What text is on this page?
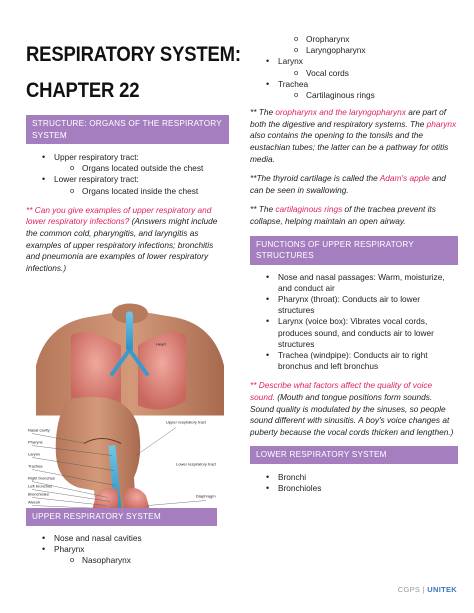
RESPIRATORY SYSTEM:
CHAPTER 22
STRUCTURE: ORGANS OF THE RESPIRATORY SYSTEM
• Upper respiratory tract:
o Organs located outside the chest
• Lower respiratory tract:
o Organs located inside the chest
** Can you give examples of upper respiratory and lower respiratory infections? (Answers might include the common cold, pharyngitis, and laryngitis as examples of upper respiratory infections; bronchitis and pneumonia are examples of lower respiratory infections.)
Nasal cavity
Pharynx
Larynx
Trachea
Right bronchus
Left bronchus
Bronchioles
Alveoli
Upper respiratory tract
Lower respiratory tract
Diaphragm
Heart
UPPER RESPIRATORY SYSTEM
• Nose and nasal cavities
• Pharynx
o Nasopharynx
o Oropharynx
o Laryngopharynx
• Larynx
o Vocal cords
• Trachea
o Cartilaginous rings
** The oropharynx and the laryngopharynx are part of both the digestive and respiratory systems. The pharynx also contains the opening to the tonsils and the eustachian tubes; the latter can be a pathway for otitis media.
**The thyroid cartilage is called the Adam's apple and can be seen in swallowing.
** The cartilaginous rings of the trachea prevent its collapse, helping maintain an open airway.
FUNCTIONS OF UPPER RESPIRATORY STRUCTURES
• Nose and nasal passages: Warm, moisturize, and conduct air
• Pharynx (throat): Conducts air to lower structures
• Larynx (voice box): Vibrates vocal cords, produces sound, and conducts air to lower structures
• Trachea (windpipe): Conducts air to right bronchus and left bronchus
** Describe what factors affect the quality of voice sound. (Mouth and tongue positions form sounds. Sound quality is modulated by the sinuses, so people sound different with sinusitis. A boy's voice changes at puberty because the vocal cords thicken and lengthen.)
LOWER RESPIRATORY SYSTEM
• Bronchi
• Bronchioles
CGPS | UNITEK
